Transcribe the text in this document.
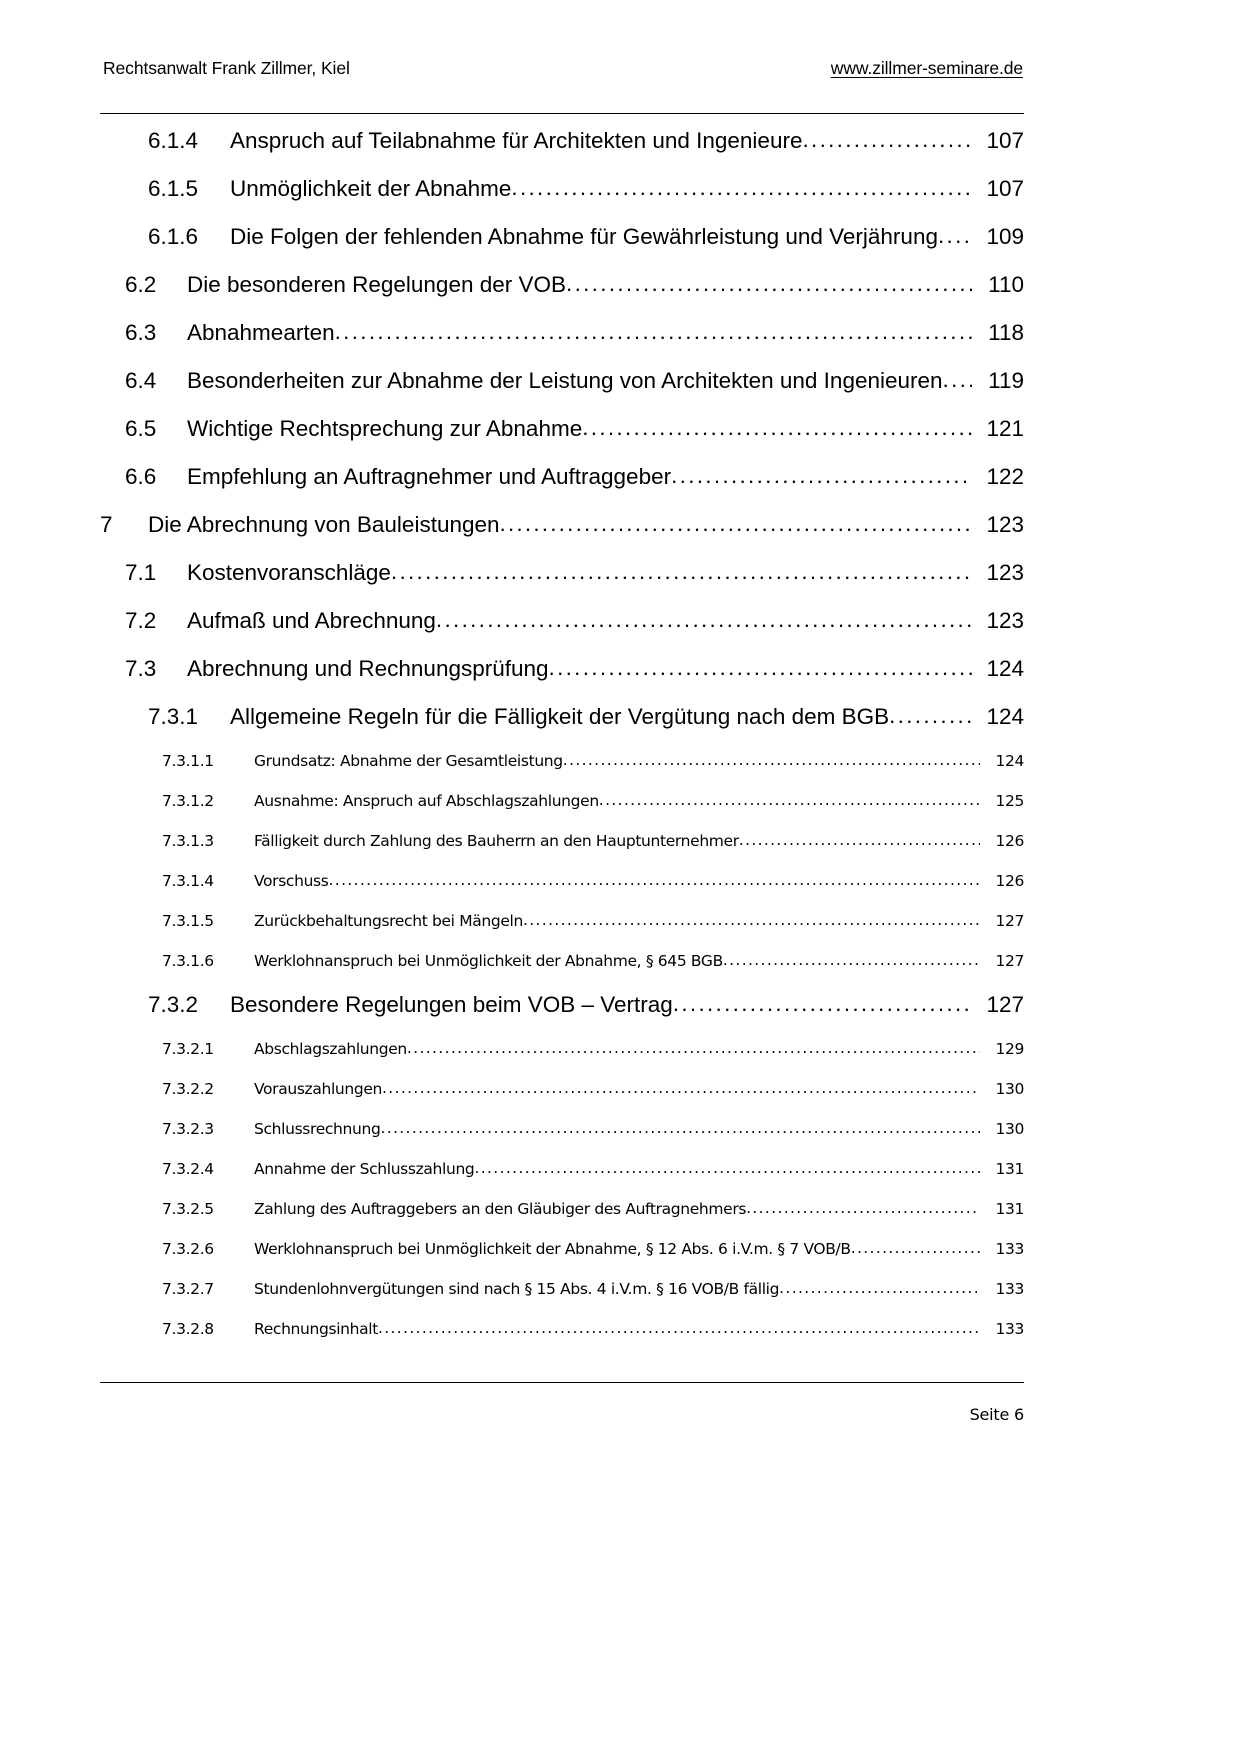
Rechtsanwalt Frank Zillmer, Kiel	www.zillmer-seminare.de
6.1.4	Anspruch auf Teilabnahme für Architekten und Ingenieure .....	107
6.1.5	Unmöglichkeit der Abnahme .....	107
6.1.6	Die Folgen der fehlenden Abnahme für Gewährleistung und Verjährung .....	109
6.2	Die besonderen Regelungen der VOB .....	110
6.3	Abnahmearten .....	118
6.4	Besonderheiten zur Abnahme der Leistung von Architekten und Ingenieuren .....	119
6.5	Wichtige Rechtsprechung zur Abnahme .....	121
6.6	Empfehlung an Auftragnehmer und Auftraggeber .....	122
7	Die Abrechnung von Bauleistungen .....	123
7.1	Kostenvoranschläge .....	123
7.2	Aufmaß und Abrechnung .....	123
7.3	Abrechnung und Rechnungsprüfung .....	124
7.3.1	Allgemeine Regeln für die Fälligkeit der Vergütung nach dem BGB .....	124
7.3.1.1	Grundsatz: Abnahme der Gesamtleistung .....	124
7.3.1.2	Ausnahme: Anspruch auf Abschlagszahlungen .....	125
7.3.1.3	Fälligkeit durch Zahlung des Bauherrn an den Hauptunternehmer .....	126
7.3.1.4	Vorschuss .....	126
7.3.1.5	Zurückbehaltungsrecht bei Mängeln .....	127
7.3.1.6	Werklohnanspruch bei Unmöglichkeit der Abnahme, § 645 BGB .....	127
7.3.2	Besondere Regelungen beim VOB – Vertrag .....	127
7.3.2.1	Abschlagszahlungen .....	129
7.3.2.2	Vorauszahlungen .....	130
7.3.2.3	Schlussrechnung .....	130
7.3.2.4	Annahme der Schlusszahlung .....	131
7.3.2.5	Zahlung des Auftraggebers an den Gläubiger des Auftragnehmers .....	131
7.3.2.6	Werklohnanspruch bei Unmöglichkeit der Abnahme, § 12 Abs. 6 i.V.m. § 7 VOB/B .....	133
7.3.2.7	Stundenlohnvergütungen sind nach § 15 Abs. 4 i.V.m. § 16 VOB/B fällig .....	133
7.3.2.8	Rechnungsinhalt .....	133
Seite 6
